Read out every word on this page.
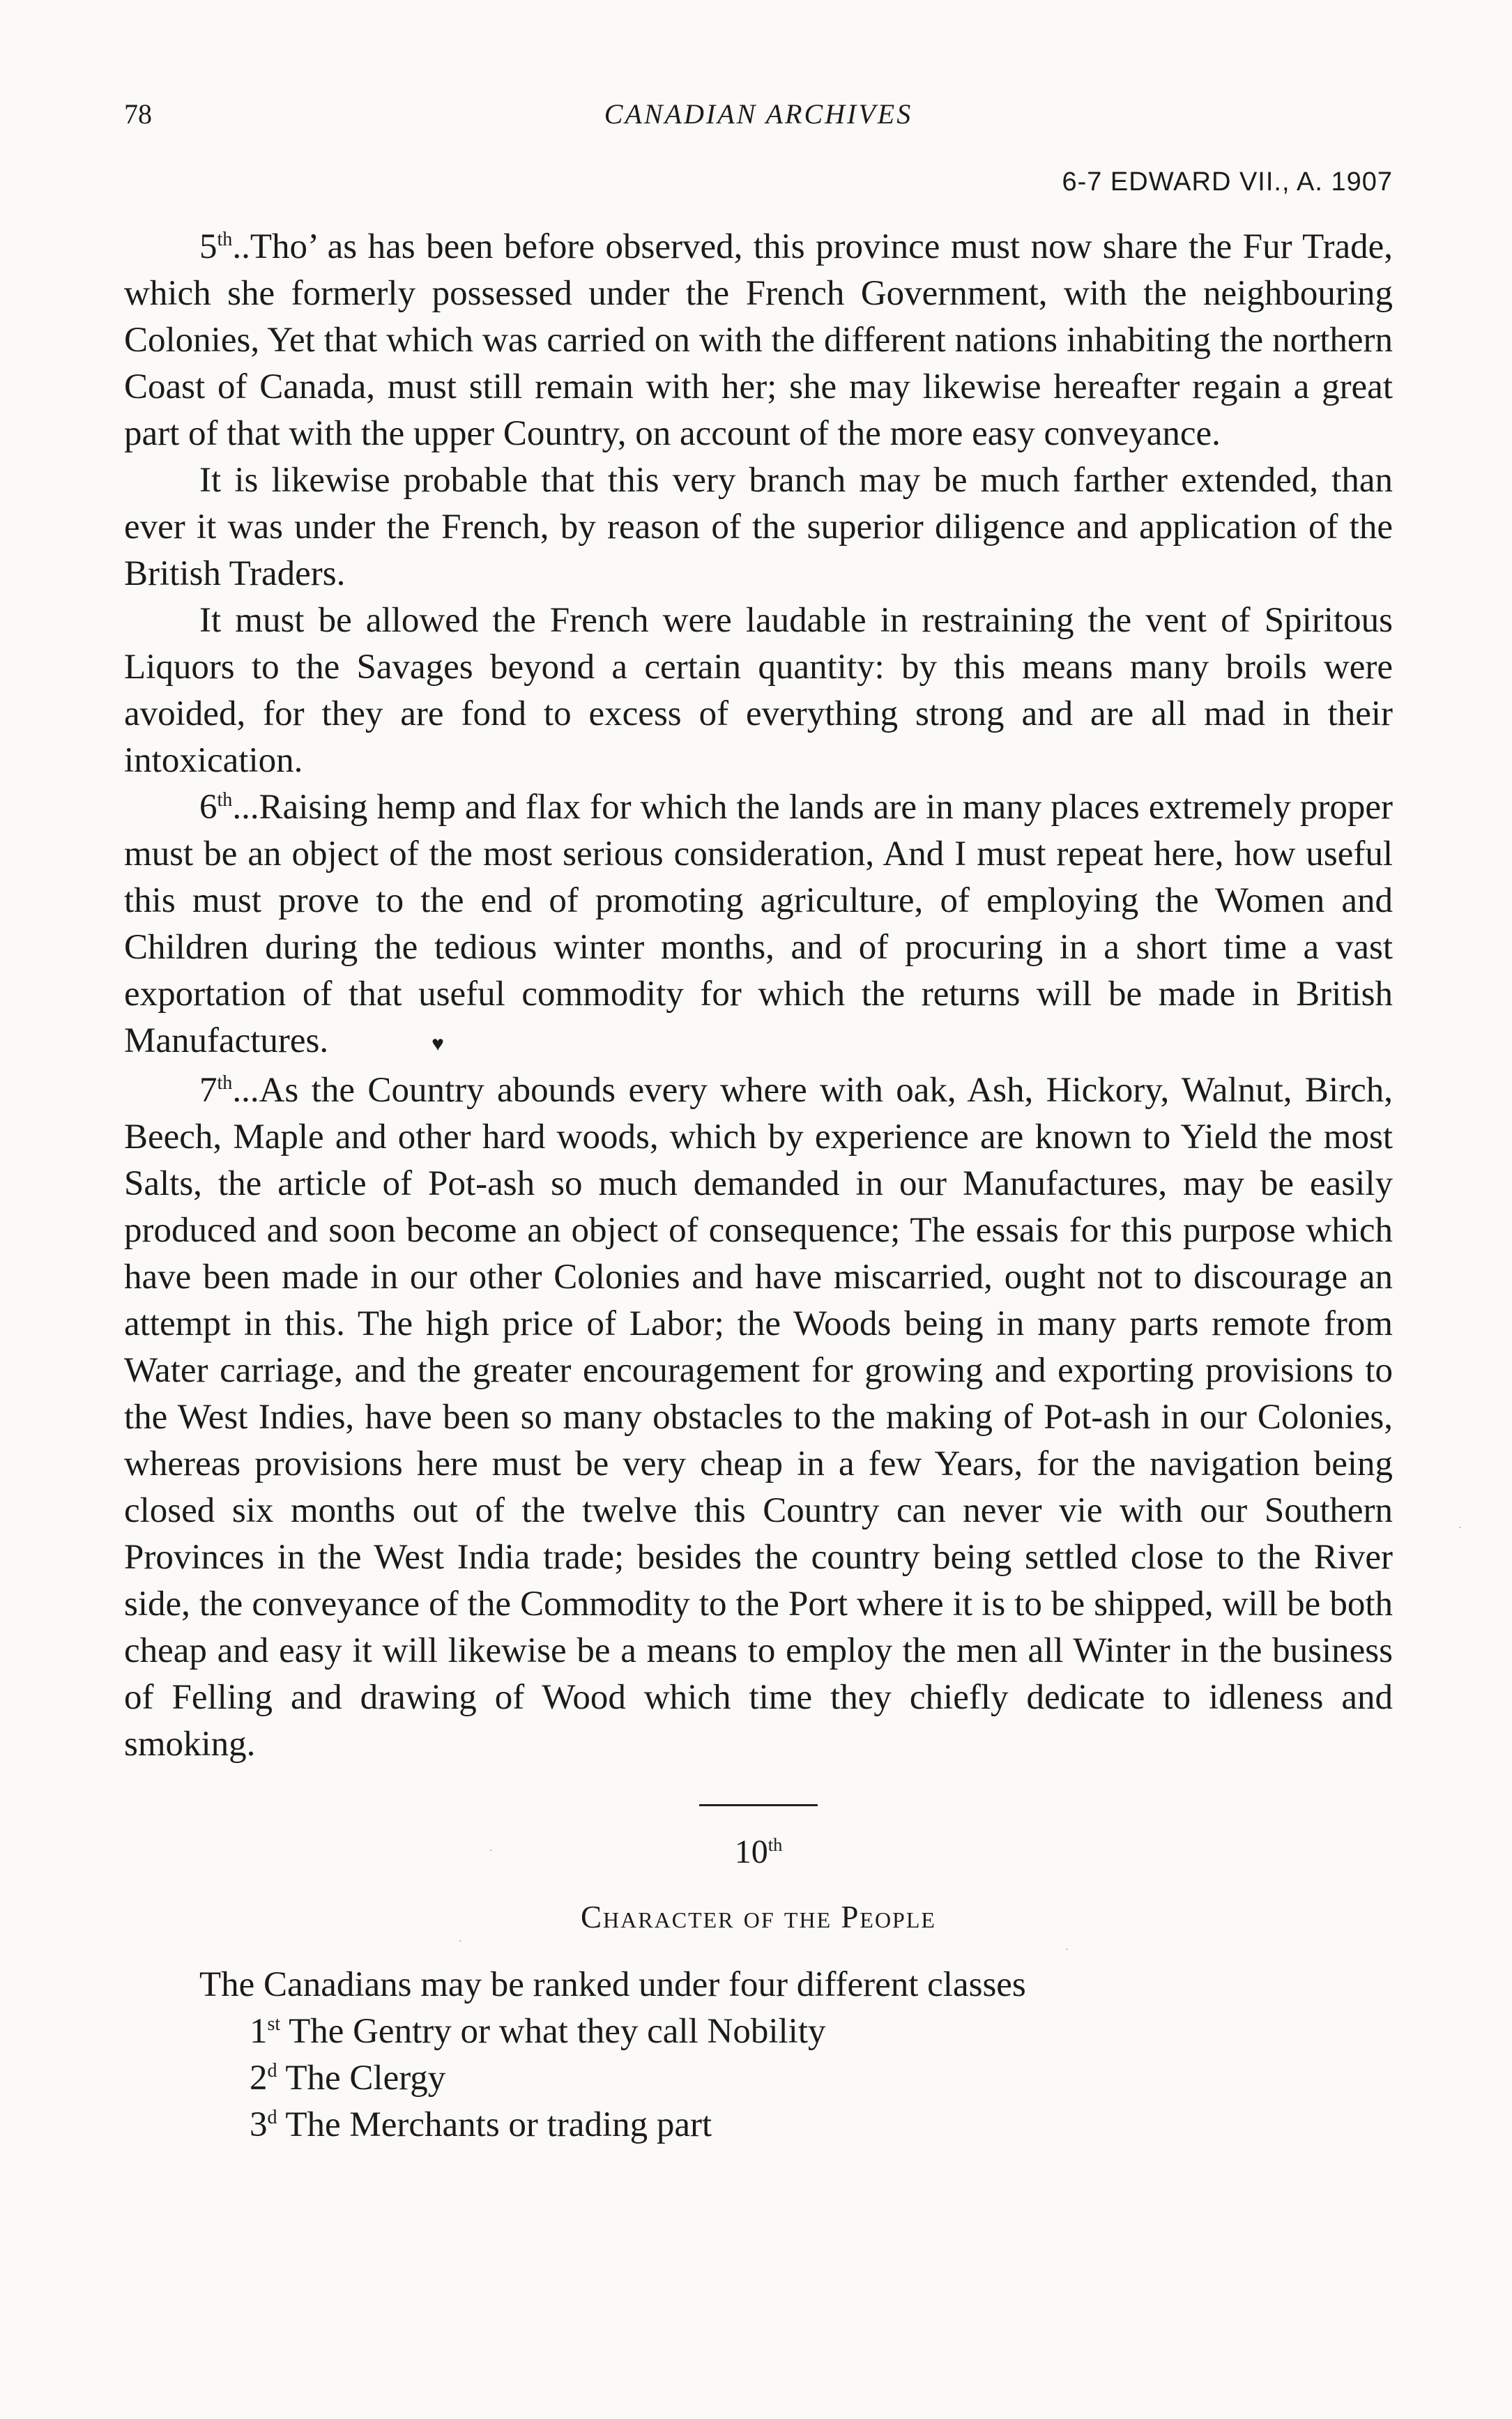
78	CANADIAN ARCHIVES
6-7 EDWARD VII., A. 1907

5th..Tho’ as has been before observed, this province must now share the Fur Trade, which she formerly possessed under the French Government, with the neighbouring Colonies, Yet that which was carried on with the different nations inhabiting the northern Coast of Canada, must still remain with her; she may likewise hereafter regain a great part of that with the upper Country, on account of the more easy conveyance.

It is likewise probable that this very branch may be much farther extended, than ever it was under the French, by reason of the superior diligence and application of the British Traders.

It must be allowed the French were laudable in restraining the vent of Spiritous Liquors to the Savages beyond a certain quantity: by this means many broils were avoided, for they are fond to excess of everything strong and are all mad in their intoxication.

6th...Raising hemp and flax for which the lands are in many places extremely proper must be an object of the most serious consideration, And I must repeat here, how useful this must prove to the end of promoting agriculture, of employing the Women and Children during the tedious winter months, and of procuring in a short time a vast exportation of that useful commodity for which the returns will be made in British Manufactures.	♥

7th...As the Country abounds every where with oak, Ash, Hickory, Walnut, Birch, Beech, Maple and other hard woods, which by experience are known to Yield the most Salts, the article of Pot-ash so much demanded in our Manufactures, may be easily produced and soon become an object of consequence; The essais for this purpose which have been made in our other Colonies and have miscarried, ought not to discourage an attempt in this. The high price of Labor; the Woods being in many parts remote from Water carriage, and the greater encouragement for growing and exporting provisions to the West Indies, have been so many obstacles to the making of Pot-ash in our Colonies, whereas provisions here must be very cheap in a few Years, for the navigation being closed six months out of the twelve this Country can never vie with our Southern Provinces in the West India trade; besides the country being settled close to the River side, the conveyance of the Commodity to the Port where it is to be shipped, will be both cheap and easy it will likewise be a means to employ the men all Winter in the business of Felling and drawing of Wood which time they chiefly dedicate to idleness and smoking.

10th
Character of the People

The Canadians may be ranked under four different classes

1st The Gentry or what they call Nobility
2$^d$ The Clergy
3$^d$ The Merchants or trading part
·
·
·
·
